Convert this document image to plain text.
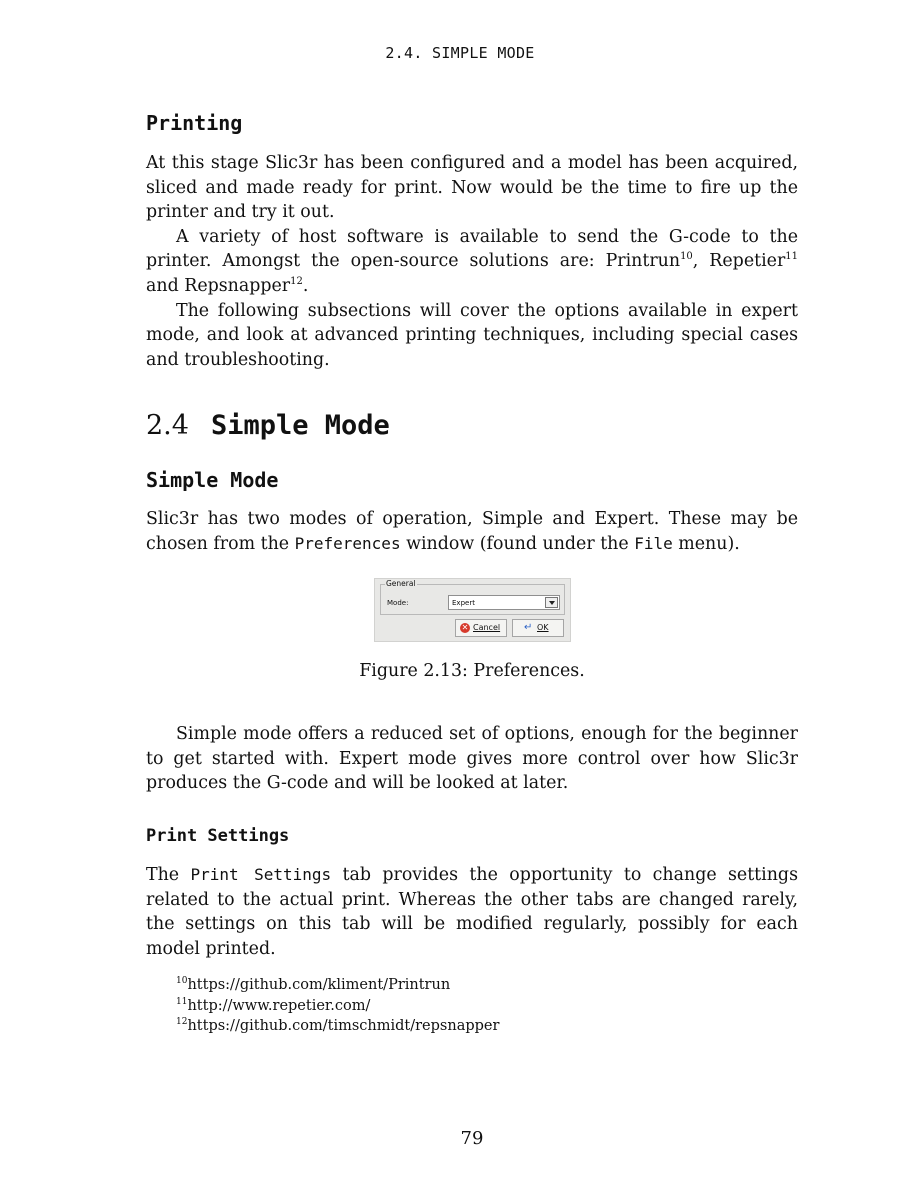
2.4. SIMPLE MODE
Printing

At this stage Slic3r has been configured and a model has been acquired, sliced and made ready for print. Now would be the time to fire up the printer and try it out.

A variety of host software is available to send the G-code to the printer. Amongst the open-source solutions are: Printrun$^{10}$, Repetier$^{11}$ and Repsnapper$^{12}$.

The following subsections will cover the options available in expert mode, and look at advanced printing techniques, including special cases and troubleshooting.

2.4 Simple Mode
Simple Mode

Slic3r has two modes of operation, Simple and Expert. These may be chosen from the Preferences window (found under the File menu).

General
Mode:	Expert
✕ Cancel ↵ OK
Figure 2.13: Preferences.

Simple mode offers a reduced set of options, enough for the beginner to get started with. Expert mode gives more control over how Slic3r produces the G-code and will be looked at later.

Print Settings

The Print Settings tab provides the opportunity to change settings related to the actual print. Whereas the other tabs are changed rarely, the settings on this tab will be modified regularly, possibly for each model printed.

$^{10}$https://github.com/kliment/Printrun
$^{11}$http://www.repetier.com/
$^{12}$https://github.com/timschmidt/repsnapper
79
